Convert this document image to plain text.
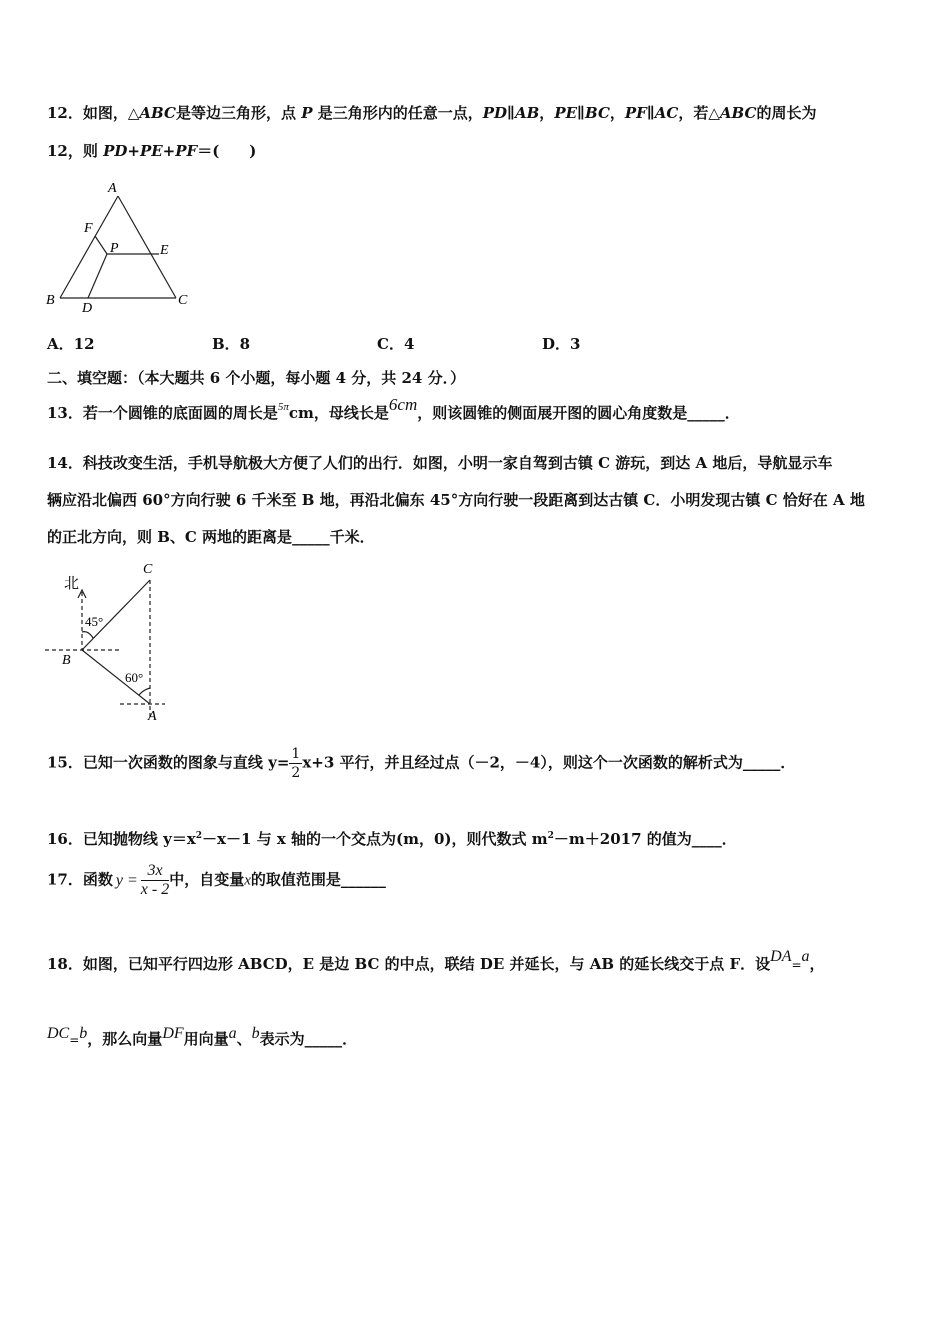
12．如图，△ABC是等边三角形，点 P 是三角形内的任意一点，PD∥AB，PE∥BC，PF∥AC，若△ABC的周长为
12，则 PD+PE+PF＝(　　)
A
B	C
D
E
F
P
A．12	B．8	C．4	D．3
二、填空题：（本大题共 6 个小题，每小题 4 分，共 24 分．）
13．若一个圆锥的底面圆的周长是$^{5\pi}$cm，母线长是6cm，则该圆锥的侧面展开图的圆心角度数是_____．
14．科技改变生活，手机导航极大方便了人们的出行．如图，小明一家自驾到古镇 C 游玩，到达 A 地后，导航显示车
辆应沿北偏西 60°方向行驶 6 千米至 B 地，再沿北偏东 45°方向行驶一段距离到达古镇 C．小明发现古镇 C 恰好在 A 地
的正北方向，则 B、C 两地的距离是_____千米．
北
45°
60°
B
C
A
15．已知一次函数的图象与直线 $y= \frac{1}{2} x+3$ 平行，并且经过点（－2，－4），则这个一次函数的解析式为_____．
16．已知抛物线 $y=x^2-x-1$ 与 x 轴的一个交点为(m，0)，则代数式 $m^2-m+2017$ 的值为____．
17．函数 $y = \frac{3x}{x - 2}$ 中，自变量x的取值范围是______
18．如图，已知平行四边形 ABCD，E 是边 BC 的中点，联结 DE 并延长，与 AB 的延长线交于点 F．设DA=a，
DC=b，那么向量DF用向量a、b表示为_____．
